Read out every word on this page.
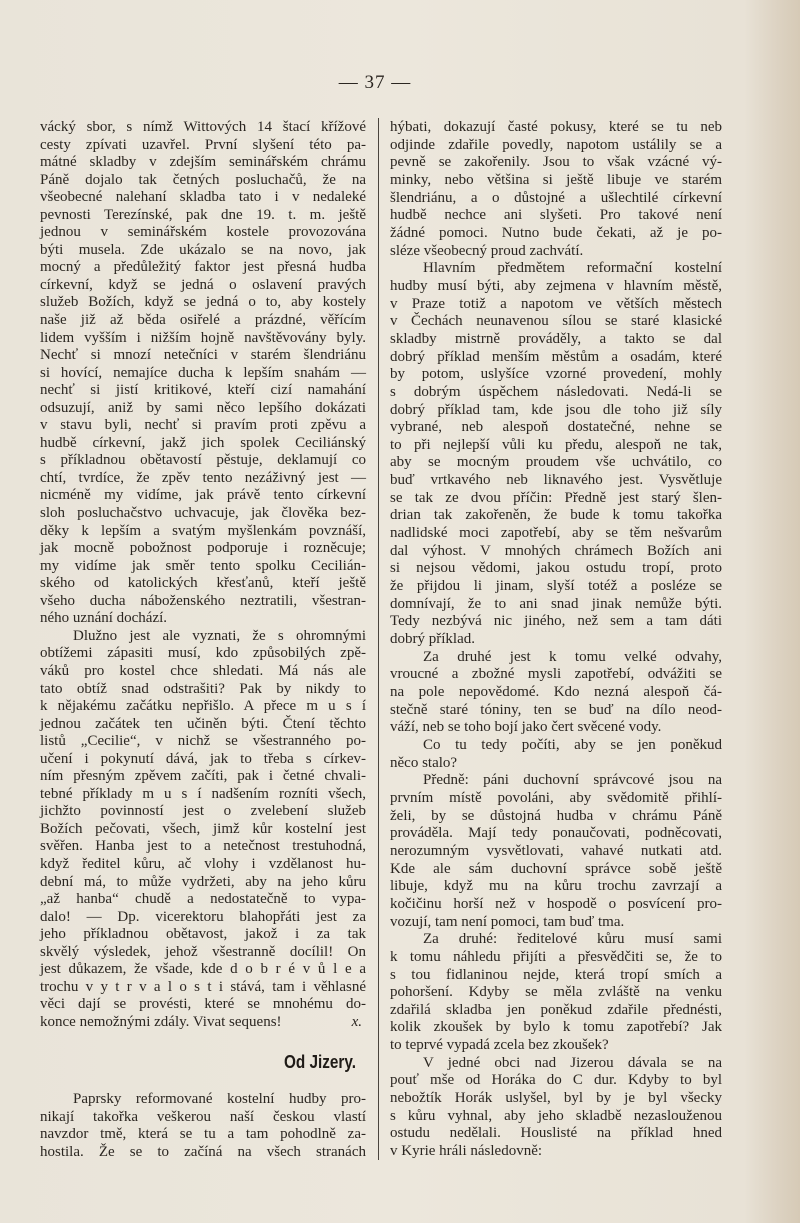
— 37 —
vácký sbor, s nímž Wittových 14 štací křížové
cesty zpívati uzavřel. První slyšení této pa-
mátné skladby v zdejším seminářském chrámu
Páně dojalo tak četných posluchačů, že na
všeobecné nalehaní skladba tato i v nedaleké
pevnosti Terezínské, pak dne 19. t. m. ještě
jednou v seminářském kostele provozována
býti musela. Zde ukázalo se na novo, jak
mocný a předůležitý faktor jest přesná hudba
církevní, když se jedná o oslavení pravých
služeb Božích, když se jedná o to, aby kostely
naše již až běda osiřelé a prázdné, věřícím
lidem vyšším i nižším hojně navštěvovány byly.
Nechť si mnozí netečníci v starém šlendriánu
si hovící, nemajíce ducha k lepším snahám —
nechť si jistí kritikové, kteří cizí namahání
odsuzují, aniž by sami něco lepšího dokázati
v stavu byli, nechť si pravím proti zpěvu a
hudbě církevní, jakž jich spolek Ceciliánský
s příkladnou obětavostí pěstuje, deklamují co
chtí, tvrdíce, že zpěv tento nezáživný jest —
nicméně my vidíme, jak právě tento církevní
sloh posluchačstvo uchvacuje, jak člověka bez-
děky k lepším a svatým myšlenkám povznáší,
jak mocně pobožnost podporuje i rozněcuje;
my vidíme jak směr tento spolku Cecilián-
ského od katolických křesťanů, kteří ještě
všeho ducha náboženského neztratili, všestran-
ného uznání dochází.
Dlužno jest ale vyznati, že s ohromnými
obtížemi zápasiti musí, kdo způsobilých zpě-
váků pro kostel chce shledati. Má nás ale
tato obtíž snad odstrašiti? Pak by nikdy to
k nějakému začátku nepřišlo. A přece m u s í
jednou začátek ten učiněn býti. Čtení těchto
listů „Cecilie“, v nichž se všestranného po-
učení i pokynutí dává, jak to třeba s církev-
ním přesným zpěvem začíti, pak i četné chvali-
tebné příklady m u s í nadšením rozníti všech,
jichžto povinností jest o zvelebení služeb
Božích pečovati, všech, jimž kůr kostelní jest
svěřen. Hanba jest to a netečnost trestuhodná,
když ředitel kůru, ač vlohy i vzdělanost hu-
dební má, to může vydržeti, aby na jeho kůru
„až hanba“ chudě a nedostatečně to vypa-
dalo! — Dp. vicerektoru blahopřáti jest za
jeho příkladnou obětavost, jakož i za tak
skvělý výsledek, jehož všestranně docílil! On
jest důkazem, že všade, kde d o b r é v ů l e a
trochu v y t r v a l o s t i stává, tam i věhlasné
věci dají se provésti, které se mnohému do-
x.
konce nemožnými zdály. Vivat sequens!
hýbati, dokazují časté pokusy, které se tu neb
odjinde zdařile povedly, napotom ustálily se a
pevně se zakořenily. Jsou to však vzácné vý-
minky, nebo většina si ještě libuje ve starém
šlendriánu, a o důstojné a ušlechtilé církevní
hudbě nechce ani slyšeti. Pro takové není
žádné pomoci. Nutno bude čekati, až je po-
sléze všeobecný proud zachvátí.
Hlavním předmětem reformační kostelní
hudby musí býti, aby zejmena v hlavním městě,
v Praze totiž a napotom ve větších městech
v Čechách neunavenou sílou se staré klasické
skladby mistrně prováděly, a takto se dal
dobrý příklad menším městům a osadám, které
by potom, uslyšíce vzorné provedení, mohly
s dobrým úspěchem následovati. Nedá-li se
dobrý příklad tam, kde jsou dle toho již síly
vybrané, neb alespoň dostatečné, nehne se
to při nejlepší vůli ku předu, alespoň ne tak,
aby se mocným proudem vše uchvátilo, co
buď vrtkavého neb liknavého jest. Vysvětluje
se tak ze dvou příčin: Předně jest starý šlen-
drian tak zakořeněn, že bude k tomu takořka
nadlidské moci zapotřebí, aby se těm nešvarům
dal výhost. V mnohých chrámech Božích ani
si nejsou vědomi, jakou ostudu tropí, proto
že přijdou li jinam, slyší totéž a posléze se
domnívají, že to ani snad jinak nemůže býti.
Tedy nezbývá nic jiného, než sem a tam dáti
dobrý příklad.
Za druhé jest k tomu velké odvahy,
vroucné a zbožné mysli zapotřebí, odvážiti se
na pole nepovědomé. Kdo nezná alespoň čá-
stečně staré tóniny, ten se buď na dílo neod-
váží, neb se toho bojí jako čert svěcené vody.
Co tu tedy počíti, aby se jen poněkud
něco stalo?
Předně: páni duchovní správcové jsou na
prvním místě povoláni, aby svědomitě přihlí-
želi, by se důstojná hudba v chrámu Páně
prováděla. Mají tedy ponaučovati, podněcovati,
nerozumným vysvětlovati, vahavé nutkati atd.
Kde ale sám duchovní správce sobě ještě
libuje, když mu na kůru trochu zavrzají a
kočičinu horší než v hospodě o posvícení pro-
vozují, tam není pomoci, tam buď tma.
Za druhé: ředitelové kůru musí sami
k tomu náhledu přijíti a přesvědčiti se, že to
s tou fidlaninou nejde, která tropí smích a
pohoršení. Kdyby se měla zvláště na venku
zdařilá skladba jen poněkud zdařile přednésti,
kolik zkoušek by bylo k tomu zapotřebí? Jak
to teprvé vypadá zcela bez zkoušek?
V jedné obci nad Jizerou dávala se na
pouť mše od Horáka do C dur. Kdyby to byl
nebožtík Horák uslyšel, byl by je byl všecky
s kůru vyhnal, aby jeho skladbě nezaslouženou
ostudu nedělali. Houslisté na příklad hned
v Kyrie hráli následovně:
Od Jizery.
Paprsky reformované kostelní hudby pro-
nikají takořka veškerou naší českou vlastí
navzdor tmě, která se tu a tam pohodlně za-
hostila. Že se to začíná na všech stranách
